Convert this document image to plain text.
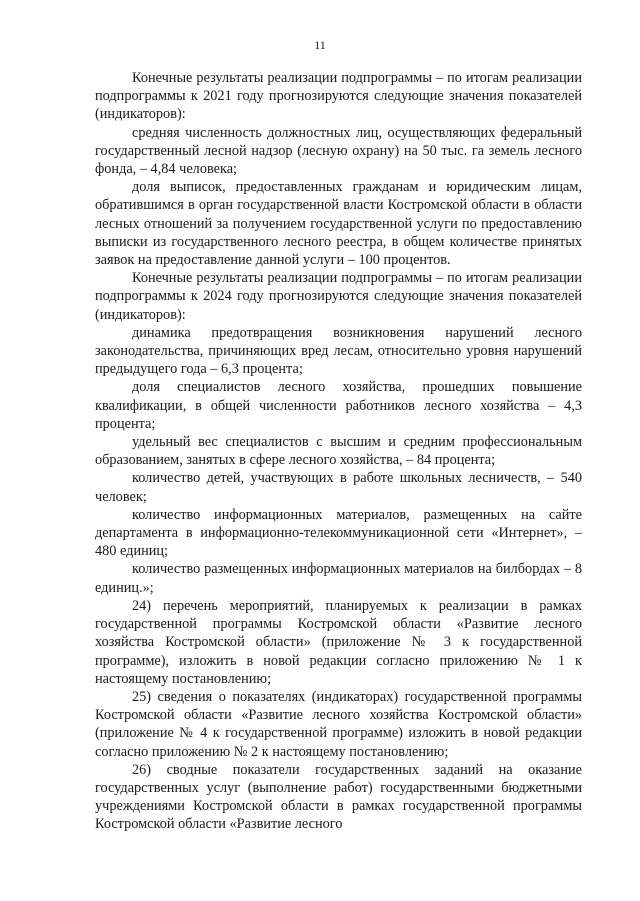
11

Конечные результаты реализации подпрограммы – по итогам реализации подпрограммы к 2021 году прогнозируются следующие значения показателей (индикаторов):

средняя численность должностных лиц, осуществляющих федеральный государственный лесной надзор (лесную охрану) на 50 тыс. га земель лесного фонда, – 4,84 человека;

доля выписок, предоставленных гражданам и юридическим лицам, обратившимся в орган государственной власти Костромской области в области лесных отношений за получением государственной услуги по предоставлению выписки из государственного лесного реестра, в общем количестве принятых заявок на предоставление данной услуги – 100 процентов.

Конечные результаты реализации подпрограммы – по итогам реализации подпрограммы к 2024 году прогнозируются следующие значения показателей (индикаторов):

динамика предотвращения возникновения нарушений лесного законодательства, причиняющих вред лесам, относительно уровня нарушений предыдущего года – 6,3 процента;

доля специалистов лесного хозяйства, прошедших повышение квалификации, в общей численности работников лесного хозяйства – 4,3 процента;

удельный вес специалистов с высшим и средним профессиональным образованием, занятых в сфере лесного хозяйства, – 84 процента;

количество детей, участвующих в работе школьных лесничеств, – 540 человек;

количество информационных материалов, размещенных на сайте департамента в информационно-телекоммуникационной сети «Интернет», – 480 единиц;

количество размещенных информационных материалов на билбордах – 8 единиц.»;

24) перечень мероприятий, планируемых к реализации в рамках государственной программы Костромской области «Развитие лесного хозяйства Костромской области» (приложение № 3 к государственной программе), изложить в новой редакции согласно приложению № 1 к настоящему постановлению;

25) сведения о показателях (индикаторах) государственной программы Костромской области «Развитие лесного хозяйства Костромской области» (приложение № 4 к государственной программе) изложить в новой редакции согласно приложению № 2 к настоящему постановлению;

26) сводные показатели государственных заданий на оказание государственных услуг (выполнение работ) государственными бюджетными учреждениями Костромской области в рамках государственной программы Костромской области «Развитие лесного
